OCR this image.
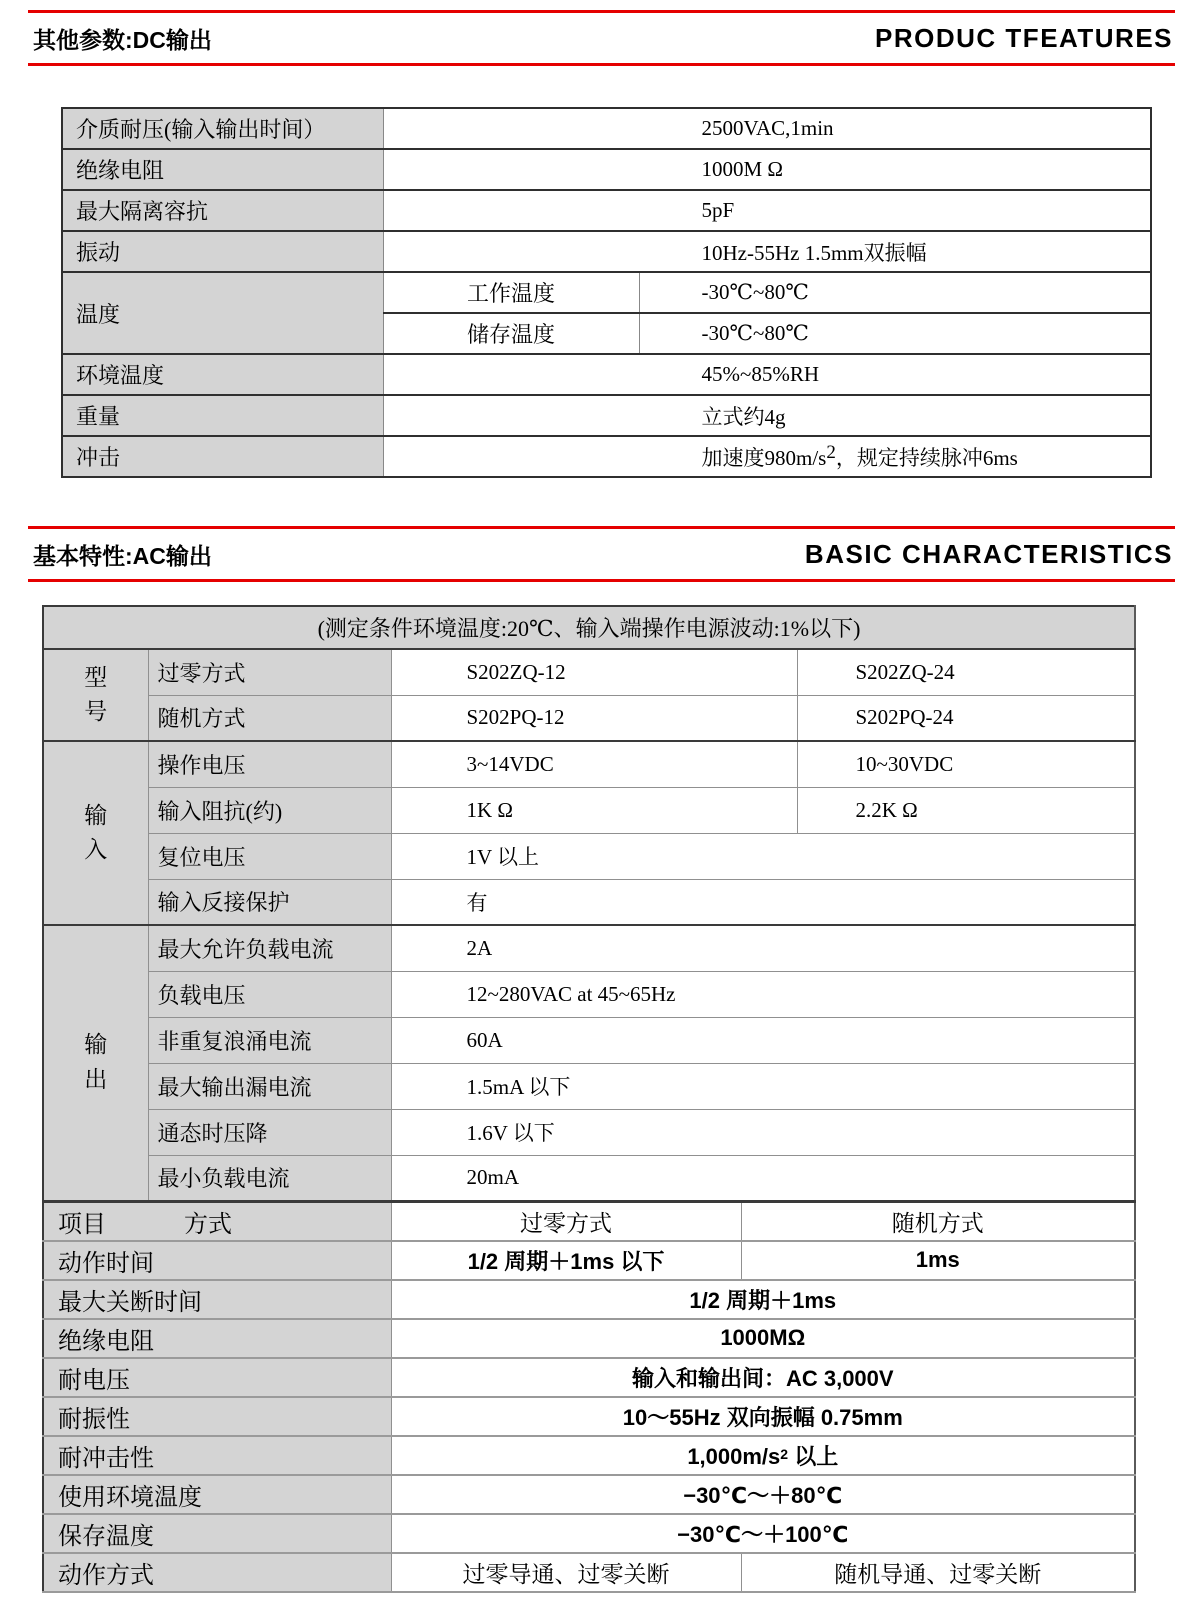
其他参数:DC输出	PRODUC TFEATURES
介质耐压(输入输出时间）	2500VAC,1min	
绝缘电阻	1000M Ω	
最大隔离容抗	5pF	
振动	10Hz-55Hz 1.5mm双振幅	
温度	工作温度	-30℃~80℃
	储存温度	-30℃~80℃
环境温度	45%~85%RH	
重量	立式约4g	
冲击	加速度980m/s2，规定持续脉冲6ms	
基本特性:AC输出	BASIC CHARACTERISTICS
(测定条件环境温度:20℃、输入端操作电源波动:1%以下)				

型号	过零方式	S202ZQ-12		S202ZQ-24
	随机方式	S202PQ-12		S202PQ-24

输入	操作电压	3~14VDC		10~30VDC
	输入阻抗(约)	1K Ω		2.2K Ω
	复位电压	1V 以上		
	输入反接保护	有		

输出	最大允许负载电流	2A		
	负载电压	12~280VAC at 45~65Hz		
	非重复浪涌电流	60A		
	最大输出漏电流	1.5mA 以下		
	通态时压降	1.6V 以下		
	最小负载电流	20mA		
项目 方式		过零方式	随机方式	
动作时间		1/2 周期＋1ms 以下	1ms	
最大关断时间		1/2 周期＋1ms		
绝缘电阻		1000MΩ		
耐电压		输入和输出间：AC 3,000V		
耐振性		10～55Hz 双向振幅 0.75mm		
耐冲击性		$1,000m/s^2$ 以上		
使用环境温度		−30℃～＋80℃		
保存温度		−30℃～＋100℃		
动作方式		过零导通、过零关断	随机导通、过零关断	
